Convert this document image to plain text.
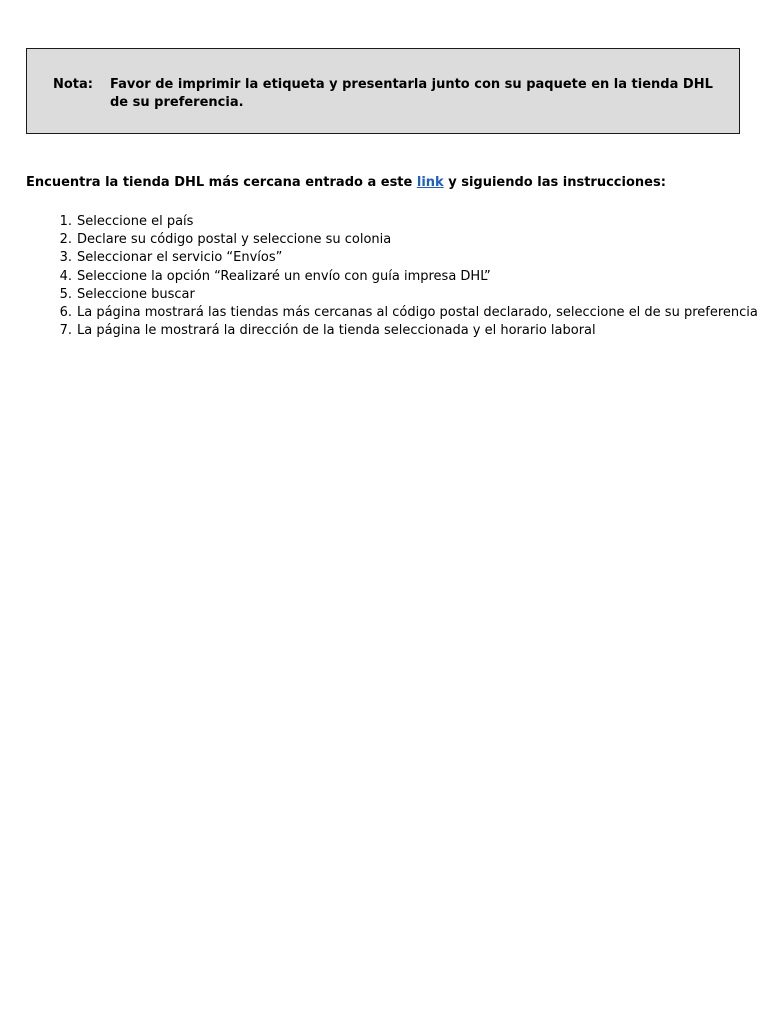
Nota: Favor de imprimir la etiqueta y presentarla junto con su paquete en la tienda DHL de su preferencia.
Encuentra la tienda DHL más cercana entrado a este link y siguiendo las instrucciones:
1. Seleccione el país
2. Declare su código postal y seleccione su colonia
3. Seleccionar el servicio “Envíos”
4. Seleccione la opción “Realizaré un envío con guía impresa DHL”
5. Seleccione buscar
6. La página mostrará las tiendas más cercanas al código postal declarado, seleccione el de su preferencia
7. La página le mostrará la dirección de la tienda seleccionada y el horario laboral
